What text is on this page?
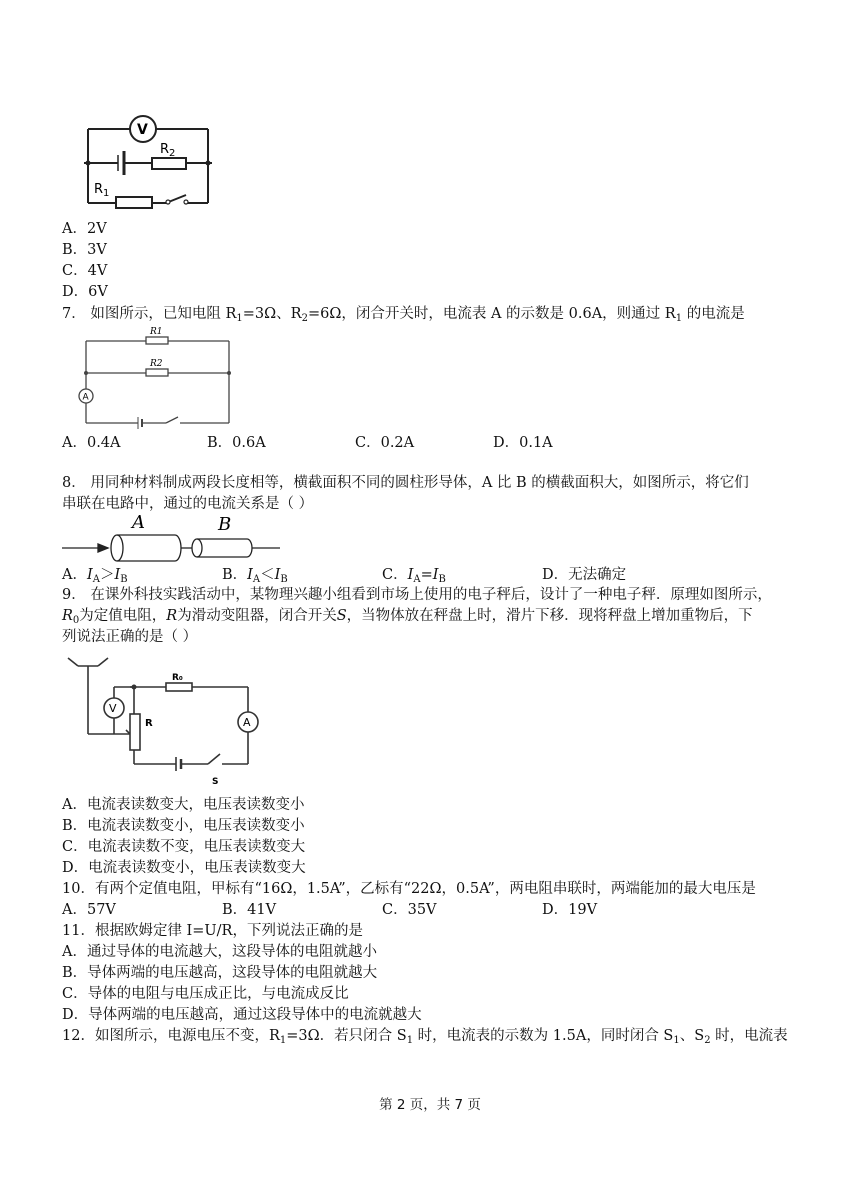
V
$R_2$
$R_1$
A．2V
B．3V
C．4V
D．6V
7． 如图所示，已知电阻 $R_1=3\Omega$、$R_2=6\Omega$，闭合开关时，电流表 A 的示数是 0.6A，则通过 $R_1$ 的电流是
R1
R2
A
A．0.4A	B．0.6A	C．0.2A	D．0.1A
8． 用同种材料制成两段长度相等，横截面积不同的圆柱形导体，A 比 B 的横截面积大，如图所示，将它们
串联在电路中，通过的电流关系是（ ）
A	B
A．$I_A>I_B$	B．$I_A<I_B$	C．$I_A=I_B$	D．无法确定
9． 在课外科技实践活动中，某物理兴趣小组看到市场上使用的电子秤后，设计了一种电子秤．原理如图所示，
$R_0$为定值电阻，R为滑动变阻器，闭合开关S，当物体放在秤盘上时，滑片下移．现将秤盘上增加重物后，下
列说法正确的是（ ）
V
R
R₀
A
S
A．电流表读数变大，电压表读数变小
B．电流表读数变小，电压表读数变小
C．电流表读数不变，电压表读数变大
D．电流表读数变小，电压表读数变大
10．有两个定值电阻，甲标有“16Ω，1.5A”，乙标有“22Ω，0.5A”，两电阻串联时，两端能加的最大电压是
A．57V	B．41V	C．35V	D．19V
11．根据欧姆定律 I=U/R，下列说法正确的是
A．通过导体的电流越大，这段导体的电阻就越小
B．导体两端的电压越高，这段导体的电阻就越大
C．导体的电阻与电压成正比，与电流成反比
D．导体两端的电压越高，通过这段导体中的电流就越大
12．如图所示，电源电压不变，$R_1=3\Omega$．若只闭合 $S_1$ 时，电流表的示数为 1.5A，同时闭合 $S_1$、$S_2$ 时，电流表
第 2 页，共 7 页
